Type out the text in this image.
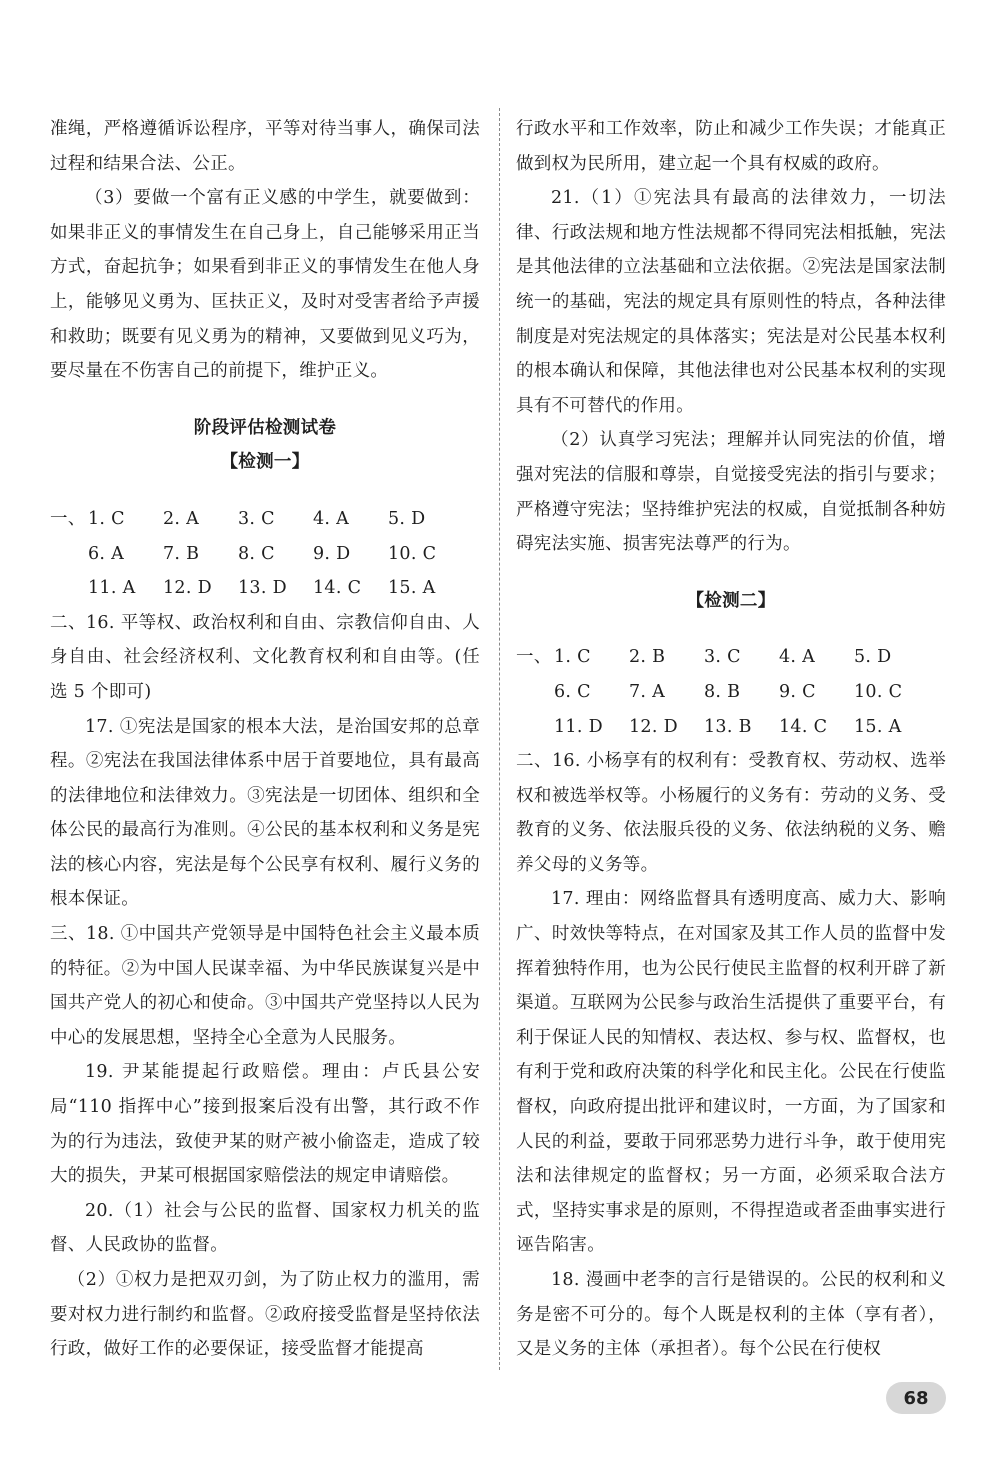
准绳，严格遵循诉讼程序，平等对待当事人，确保司法过程和结果合法、公正。

（3）要做一个富有正义感的中学生，就要做到：如果非正义的事情发生在自己身上，自己能够采用正当方式，奋起抗争；如果看到非正义的事情发生在他人身上，能够见义勇为、匡扶正义，及时对受害者给予声援和救助；既要有见义勇为的精神，又要做到见义巧为，要尽量在不伤害自己的前提下，维护正义。

阶段评估检测试卷

【检测一】

一、 1. C	2. A	3. C	4. A	5. D
6. A	7. B	8. C	9. D	10. C
11. A	12. D	13. D	14. C	15. A

二、16. 平等权、政治权利和自由、宗教信仰自由、人身自由、社会经济权利、文化教育权利和自由等。(任选 5 个即可)

17. ①宪法是国家的根本大法，是治国安邦的总章程。②宪法在我国法律体系中居于首要地位，具有最高的法律地位和法律效力。③宪法是一切团体、组织和全体公民的最高行为准则。④公民的基本权利和义务是宪法的核心内容，宪法是每个公民享有权利、履行义务的根本保证。

三、18. ①中国共产党领导是中国特色社会主义最本质的特征。②为中国人民谋幸福、为中华民族谋复兴是中国共产党人的初心和使命。③中国共产党坚持以人民为中心的发展思想，坚持全心全意为人民服务。

19. 尹某能提起行政赔偿。理由：卢氏县公安局“110 指挥中心”接到报案后没有出警，其行政不作为的行为违法，致使尹某的财产被小偷盗走，造成了较大的损失，尹某可根据国家赔偿法的规定申请赔偿。

20.（1）社会与公民的监督、国家权力机关的监督、人民政协的监督。

（2）①权力是把双刃剑，为了防止权力的滥用，需要对权力进行制约和监督。②政府接受监督是坚持依法行政，做好工作的必要保证，接受监督才能提高

行政水平和工作效率，防止和减少工作失误；才能真正做到权为民所用，建立起一个具有权威的政府。

21.（1）①宪法具有最高的法律效力，一切法律、行政法规和地方性法规都不得同宪法相抵触，宪法是其他法律的立法基础和立法依据。②宪法是国家法制统一的基础，宪法的规定具有原则性的特点，各种法律制度是对宪法规定的具体落实；宪法是对公民基本权利的根本确认和保障，其他法律也对公民基本权利的实现具有不可替代的作用。

（2）认真学习宪法；理解并认同宪法的价值，增强对宪法的信服和尊崇，自觉接受宪法的指引与要求；严格遵守宪法；坚持维护宪法的权威，自觉抵制各种妨碍宪法实施、损害宪法尊严的行为。

【检测二】

一、 1. C	2. B	3. C	4. A	5. D
6. C	7. A	8. B	9. C	10. C
11. D	12. D	13. B	14. C	15. A

二、16. 小杨享有的权利有：受教育权、劳动权、选举权和被选举权等。小杨履行的义务有：劳动的义务、受教育的义务、依法服兵役的义务、依法纳税的义务、赡养父母的义务等。

17. 理由：网络监督具有透明度高、威力大、影响广、时效快等特点，在对国家及其工作人员的监督中发挥着独特作用，也为公民行使民主监督的权利开辟了新渠道。互联网为公民参与政治生活提供了重要平台，有利于保证人民的知情权、表达权、参与权、监督权，也有利于党和政府决策的科学化和民主化。公民在行使监督权，向政府提出批评和建议时，一方面，为了国家和人民的利益，要敢于同邪恶势力进行斗争，敢于使用宪法和法律规定的监督权；另一方面，必须采取合法方式，坚持实事求是的原则，不得捏造或者歪曲事实进行诬告陷害。

18. 漫画中老李的言行是错误的。公民的权利和义务是密不可分的。每个人既是权利的主体（享有者），又是义务的主体（承担者）。每个公民在行使权

68
